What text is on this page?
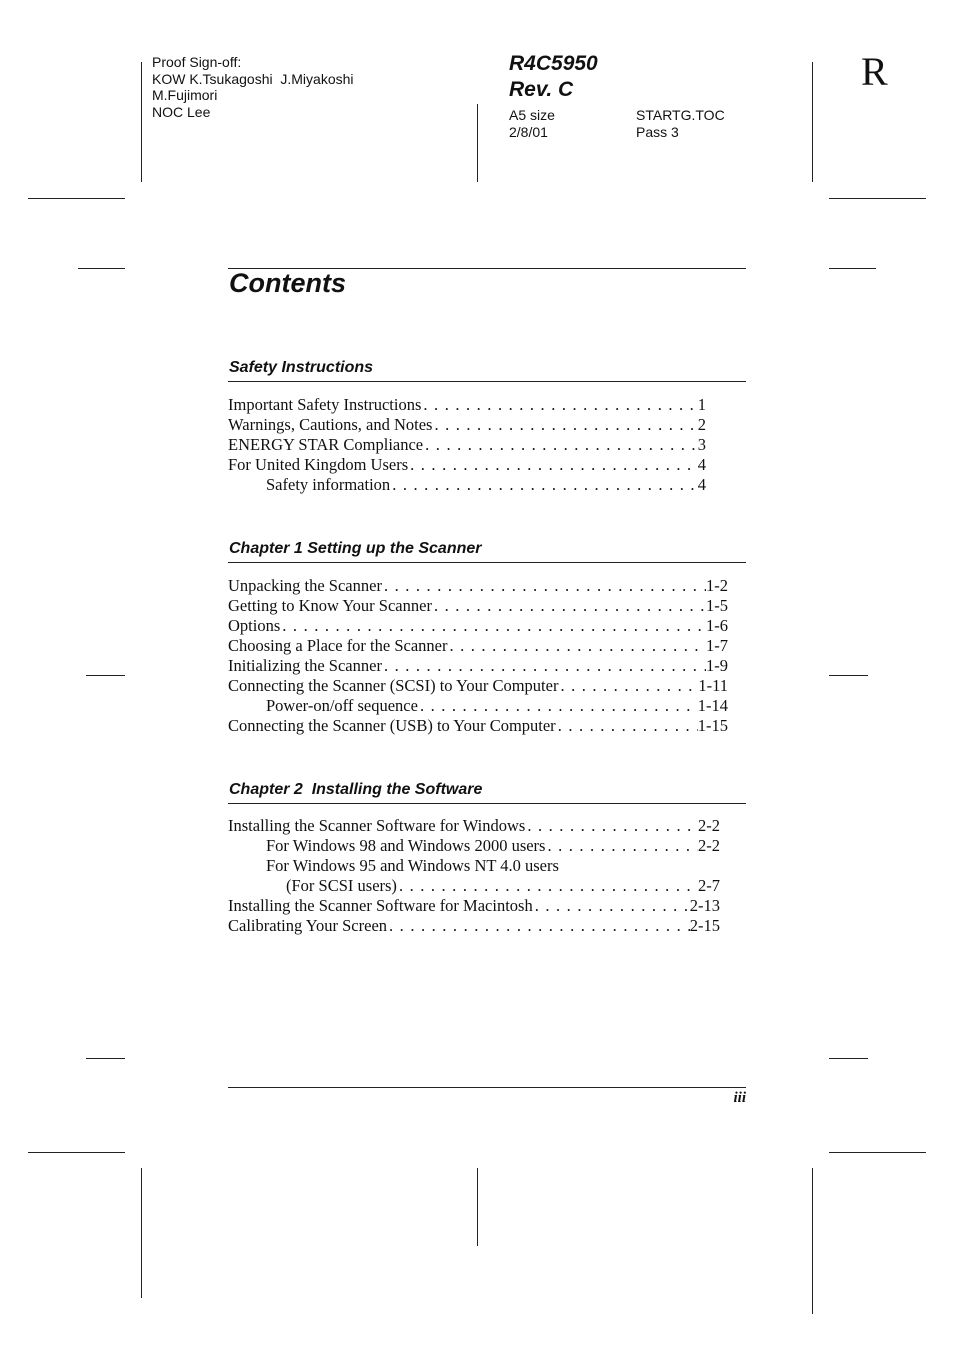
Proof Sign-off:
KOW K.Tsukagoshi  J.Miyakoshi
M.Fujimori
NOC Lee
R4C5950
Rev. C
A5 size
2/8/01
STARTG.TOC
Pass 3
R
Contents
Safety Instructions
Important Safety Instructions . . .	1
Warnings, Cautions, and Notes . . .	2
ENERGY STAR Compliance . . .	3
For United Kingdom Users . . .	4
Safety information . . .	4
Chapter 1 Setting up the Scanner
Unpacking the Scanner . . .	1-2
Getting to Know Your Scanner . . .	1-5
Options . . .	1-6
Choosing a Place for the Scanner . . .	1-7
Initializing the Scanner . . .	1-9
Connecting the Scanner (SCSI) to Your Computer . . .	1-11
Power-on/off sequence . . .	1-14
Connecting the Scanner (USB) to Your Computer . . .	1-15
Chapter 2  Installing the Software
Installing the Scanner Software for Windows . . .	2-2
For Windows 98 and Windows 2000 users . . .	2-2
For Windows 95 and Windows NT 4.0 users
(For SCSI users) . . .	2-7
Installing the Scanner Software for Macintosh . . .	2-13
Calibrating Your Screen . . .	2-15
iii
